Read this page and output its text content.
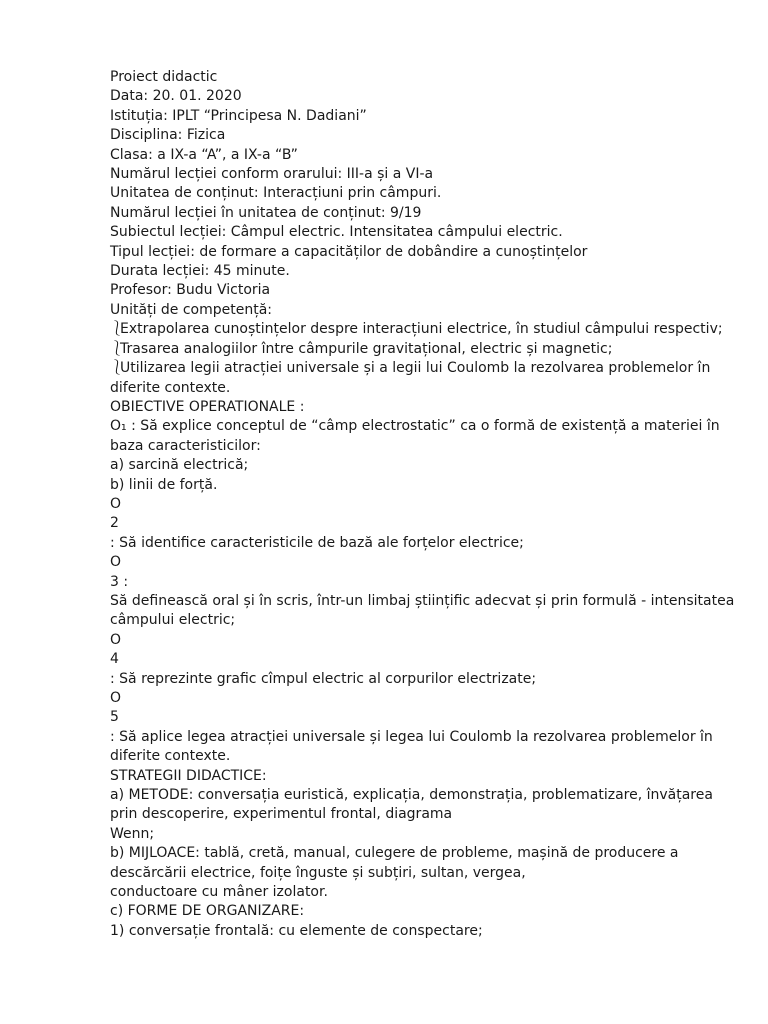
Proiect didactic
Data: 20. 01. 2020
Istituția: IPLT “Principesa N. Dadiani”
Disciplina: Fizica
Clasa: a IX-a “A”, a IX-a “B”
Numărul lecției conform orarului: III-a și a VI-a
Unitatea de conținut: Interacțiuni prin câmpuri.
Numărul lecției în unitatea de conținut: 9/19
Subiectul lecției: Câmpul electric. Intensitatea câmpului electric.
Tipul lecției: de formare a capacităților de dobândire a cunoștințelor
Durata lecției: 45 minute.
Profesor: Budu Victoria
Unități de competență:
⎱Extrapolarea cunoștințelor despre interacțiuni electrice, în studiul câmpului respectiv;
⎱Trasarea analogiilor între câmpurile gravitațional, electric și magnetic;
⎱Utilizarea legii atracției universale și a legii lui Coulomb la rezolvarea problemelor în
diferite contexte.
OBIECTIVE OPERATIONALE :
O₁ : Să explice conceptul de “câmp electrostatic” ca o formă de existență a materiei în
baza caracteristicilor:
a) sarcină electrică;
b) linii de forță.
O
2
: Să identifice caracteristicile de bază ale forțelor electrice;
O
3 :
Să definească oral și în scris, într-un limbaj științific adecvat și prin formulă - intensitatea
câmpului electric;
O
4
: Să reprezinte grafic cîmpul electric al corpurilor electrizate;
O
5
: Să aplice legea atracției universale și legea lui Coulomb la rezolvarea problemelor în
diferite contexte.
STRATEGII DIDACTICE:
a) METODE: conversația euristică, explicația, demonstrația, problematizare, învățarea
prin descoperire, experimentul frontal, diagrama
Wenn;
b) MIJLOACE: tablă, cretă, manual, culegere de probleme, mașină de producere a
descărcării electrice, foițe înguste și subțiri, sultan, vergea,
conductoare cu mâner izolator.
c) FORME DE ORGANIZARE:
1) conversație frontală: cu elemente de conspectare;
